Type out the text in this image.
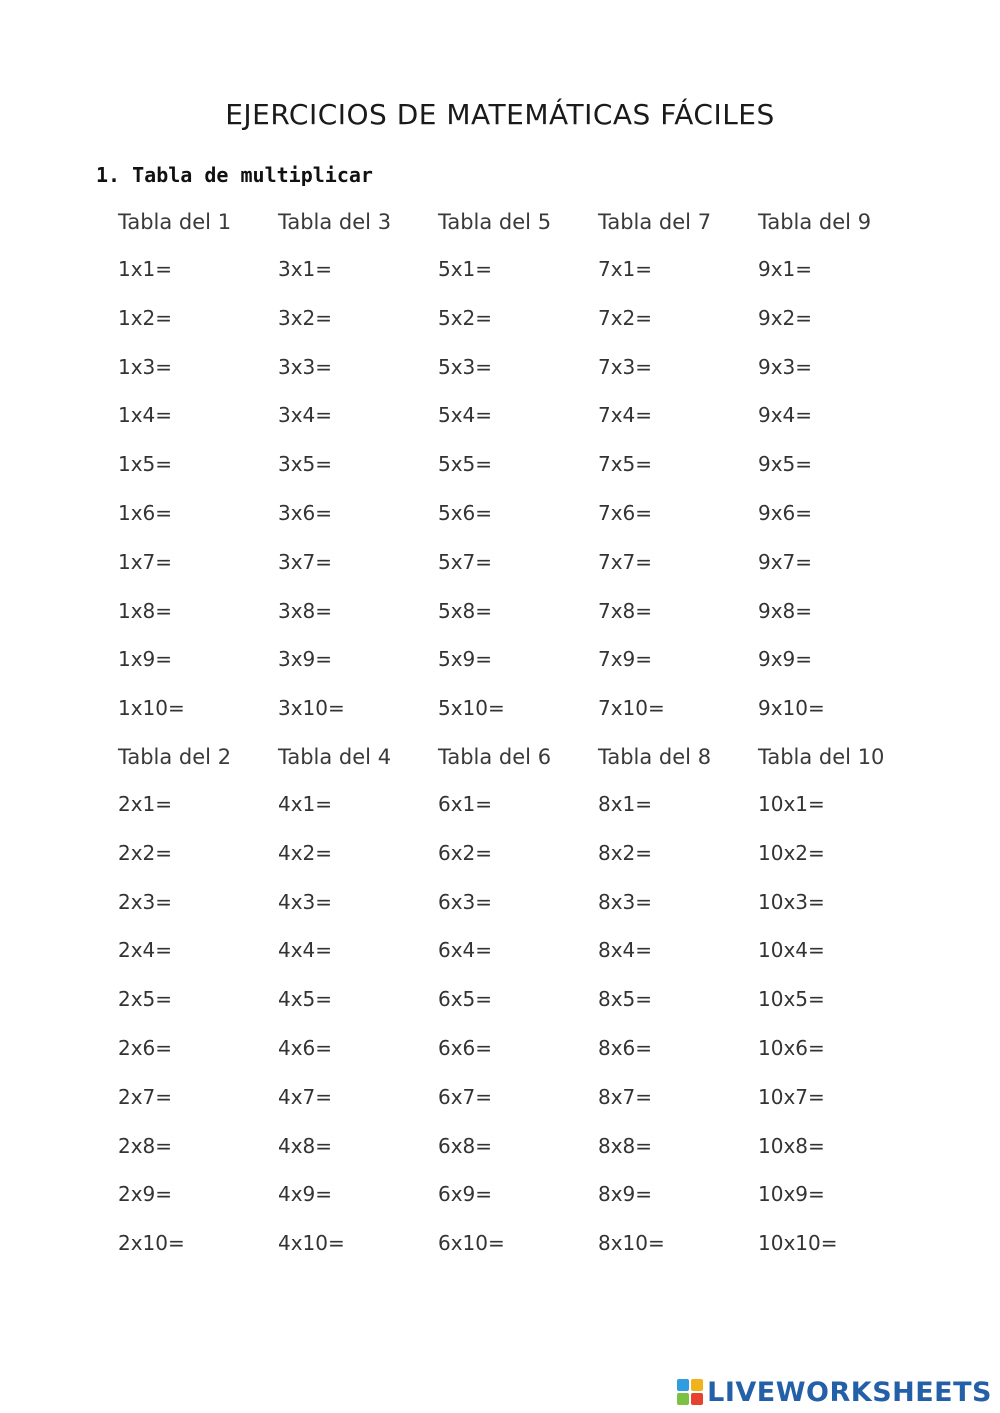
EJERCICIOS DE MATEMÁTICAS FÁCILES
1. Tabla de multiplicar
Tabla del 1
1x1=
1x2=
1x3=
1x4=
1x5=
1x6=
1x7=
1x8=
1x9=
1x10=
Tabla del 3
3x1=
3x2=
3x3=
3x4=
3x5=
3x6=
3x7=
3x8=
3x9=
3x10=
Tabla del 5
5x1=
5x2=
5x3=
5x4=
5x5=
5x6=
5x7=
5x8=
5x9=
5x10=
Tabla del 7
7x1=
7x2=
7x3=
7x4=
7x5=
7x6=
7x7=
7x8=
7x9=
7x10=
Tabla del 9
9x1=
9x2=
9x3=
9x4=
9x5=
9x6=
9x7=
9x8=
9x9=
9x10=
Tabla del 2
2x1=
2x2=
2x3=
2x4=
2x5=
2x6=
2x7=
2x8=
2x9=
2x10=
Tabla del 4
4x1=
4x2=
4x3=
4x4=
4x5=
4x6=
4x7=
4x8=
4x9=
4x10=
Tabla del 6
6x1=
6x2=
6x3=
6x4=
6x5=
6x6=
6x7=
6x8=
6x9=
6x10=
Tabla del 8
8x1=
8x2=
8x3=
8x4=
8x5=
8x6=
8x7=
8x8=
8x9=
8x10=
Tabla del 10
10x1=
10x2=
10x3=
10x4=
10x5=
10x6=
10x7=
10x8=
10x9=
10x10=
LIVEWORKSHEETS
